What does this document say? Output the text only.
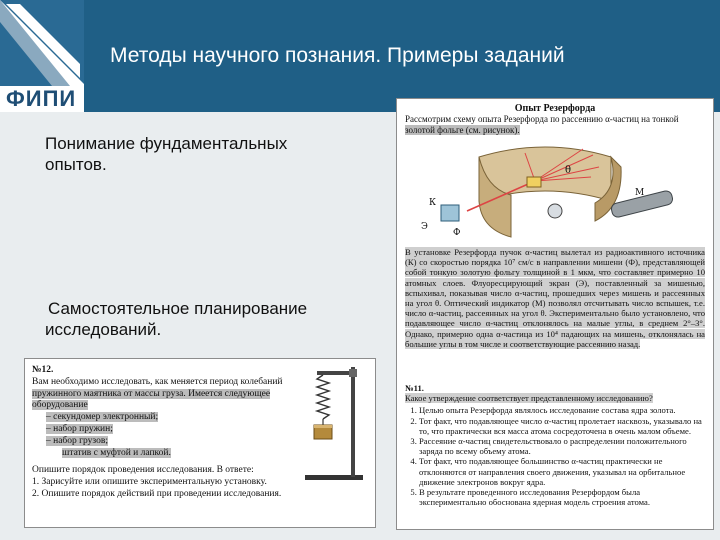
ФИПИ
Методы научного познания. Примеры заданий
Понимание фундаментальных
опытов.
Самостоятельное планирование
исследований.
№12.
Вам необходимо исследовать, как меняется период колебаний
пружинного маятника от массы груза. Имеется следующее
оборудование
– секундомер электронный;
– набор пружин;
– набор грузов;
штатив с муфтой и лапкой.
Опишите порядок проведения исследования. В ответе:
1. Зарисуйте или опишите экспериментальную установку.
2. Опишите порядок действий при проведении исследования.
Опыт Резерфорда
Рассмотрим схему опыта Резерфорда по рассеянию α-частиц на тонкой
золотой фольге (см. рисунок).
К
Ф
Э
М
θ
В установке Резерфорда пучок α-частиц вылетал из радиоактивного источника (К) со скоростью порядка 10⁷ см/с в направлении мишени (Ф), представляющей собой тонкую золотую фольгу толщиной в 1 мкм, что составляет примерно 10 атомных слоев. Флуоресцирующий экран (Э), поставленный за мишенью, вспыхивал, показывая число α-частиц, прошедших через мишень и рассеянных на угол θ. Оптический индикатор (М) позволял отсчитывать число вспышек, т.е. число α-частиц, рассеянных на угол θ. Экспериментально было установлено, что подавляющее число α-частиц отклонялось на малые углы, в среднем 2°–3°. Однако, примерно одна α-частица из 10⁴ падающих на мишень, отклонялась на большие углы в том числе и соответствующие рассеянию назад.
№11.
Какое утверждение соответствует представленному исследованию?
1. Целью опыта Резерфорда являлось исследование состава ядра золота.
2. Тот факт, что подавляющее число α-частиц пролетает насквозь, указывало на то, что практически вся масса атома сосредоточена в очень малом объеме.
3. Рассеяние α-частиц свидетельствовало о распределении положительного заряда по всему объему атома.
4. Тот факт, что подавляющее большинство α-частиц практически не отклоняются от направления своего движения, указывал на орбитальное движение электронов вокруг ядра.
5. В результате проведенного исследования Резерфордом была экспериментально обоснована ядерная модель строения атома.
